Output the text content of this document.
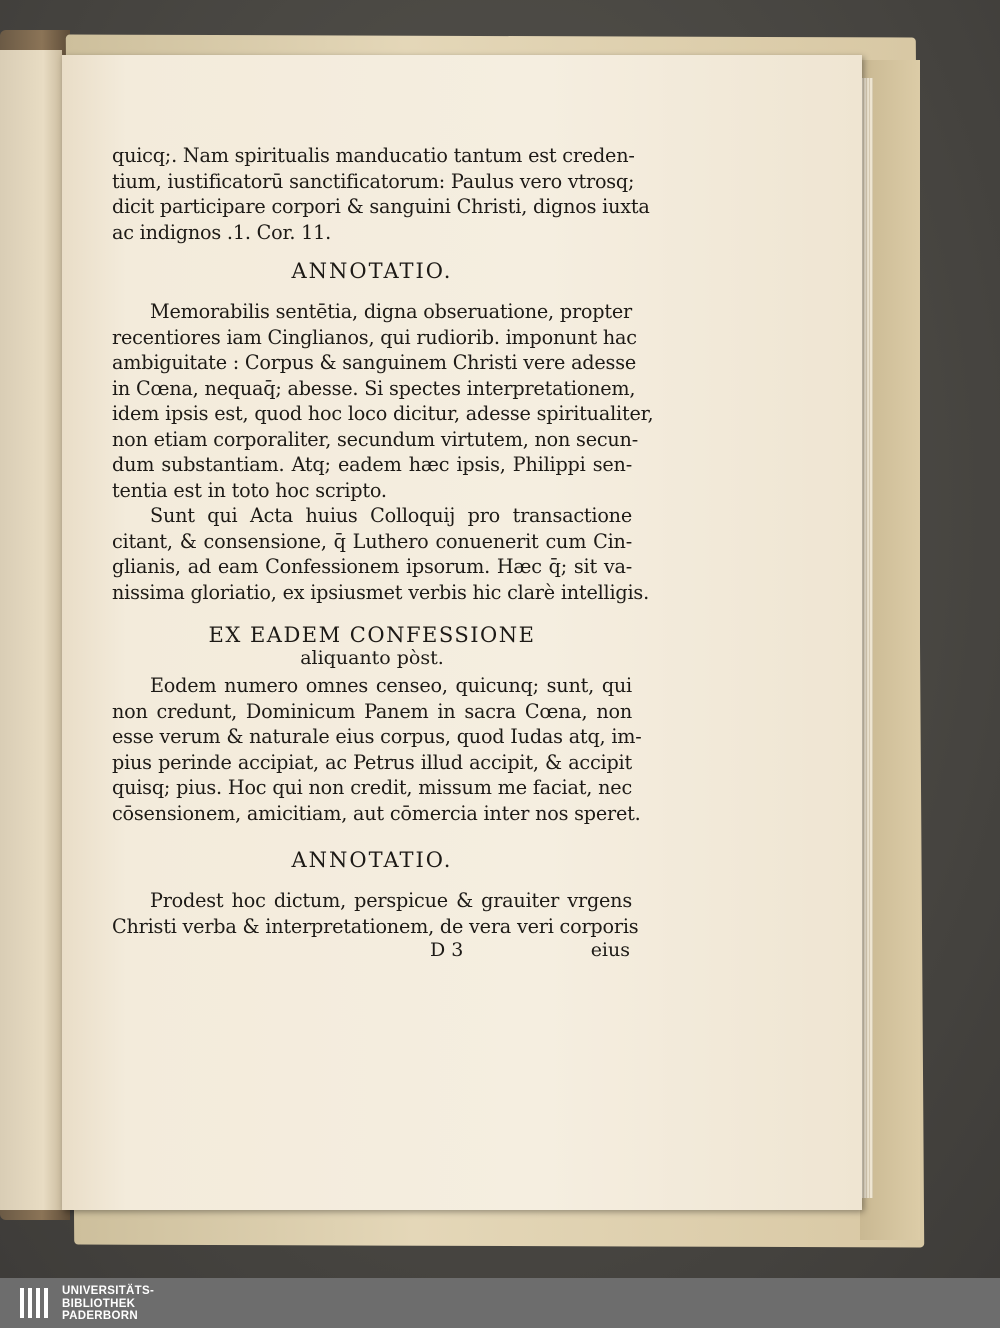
quicq;. Nam spiritualis manducatio tantum est creden-
tium, iustificatorū sanctificatorum: Paulus vero vtrosq;
dicit participare corpori & sanguini Christi, dignos iuxta
ac indignos .1. Cor. 11.
ANNOTATIO.
Memorabilis sentētia, digna obseruatione, propter
recentiores iam Cinglianos, qui rudiorib. imponunt hac
ambiguitate : Corpus & sanguinem Christi vere adesse
in Cœna, nequaq̄; abesse. Si spectes interpretationem,
idem ipsis est, quod hoc loco dicitur, adesse spiritualiter,
non etiam corporaliter, secundum virtutem, non secun-
dum substantiam. Atq; eadem hæc ipsis, Philippi sen-
tentia est in toto hoc scripto.
Sunt qui Acta huius Colloquij pro transactione
citant, & consensione, q̄ Luthero conuenerit cum Cin-
glianis, ad eam Confessionem ipsorum. Hæc q̄; sit va-
nissima gloriatio, ex ipsiusmet verbis hic clarè intelligis.
EX EADEM CONFESSIONE
aliquanto pòst.
Eodem numero omnes censeo, quicunq; sunt, qui
non credunt, Dominicum Panem in sacra Cœna, non
esse verum & naturale eius corpus, quod Iudas atq, im-
pius perinde accipiat, ac Petrus illud accipit, & accipit
quisq; pius. Hoc qui non credit, missum me faciat, nec
cōsensionem, amicitiam, aut cōmercia inter nos speret.
ANNOTATIO.
Prodest hoc dictum, perspicue & grauiter vrgens
Christi verba & interpretationem, de vera veri corporis
D 3	eius
UNIVERSITÄTS-
BIBLIOTHEK
PADERBORN
